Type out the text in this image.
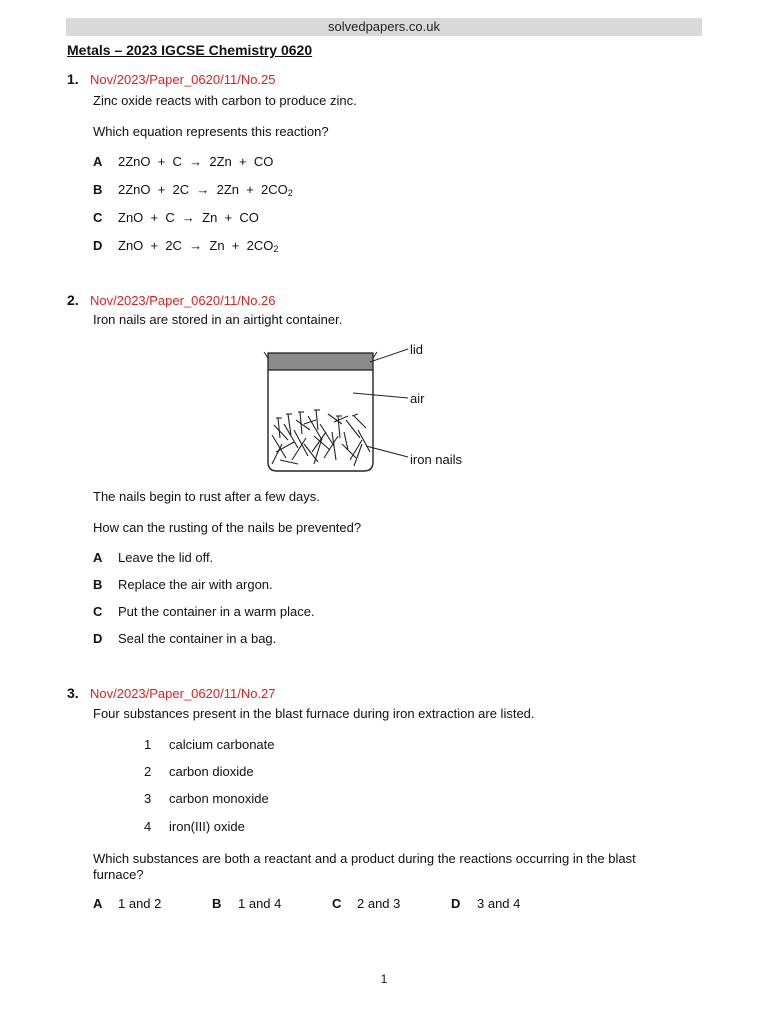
solvedpapers.co.uk
Metals – 2023 IGCSE Chemistry 0620
1. Nov/2023/Paper_0620/11/No.25
Zinc oxide reacts with carbon to produce zinc.
Which equation represents this reaction?
A 2ZnO  +  C  →  2Zn  +  CO
B $2ZnO + 2C \to 2Zn + 2CO_2$
C ZnO  +  C  →  Zn  +  CO
D ZnO  +  $2C \to Zn + 2CO_2$
2. Nov/2023/Paper_0620/11/No.26
Iron nails are stored in an airtight container.
lid
air
iron nails
The nails begin to rust after a few days.
How can the rusting of the nails be prevented?
A Leave the lid off.
B Replace the air with argon.
C Put the container in a warm place.
D Seal the container in a bag.
3. Nov/2023/Paper_0620/11/No.27
Four substances present in the blast furnace during iron extraction are listed.
1 calcium carbonate
2 carbon dioxide
3 carbon monoxide
4 iron(III) oxide
Which substances are both a reactant and a product during the reactions occurring in the blast
furnace?
A 1 and 2	B 1 and 4	C 2 and 3	D 3 and 4
1
